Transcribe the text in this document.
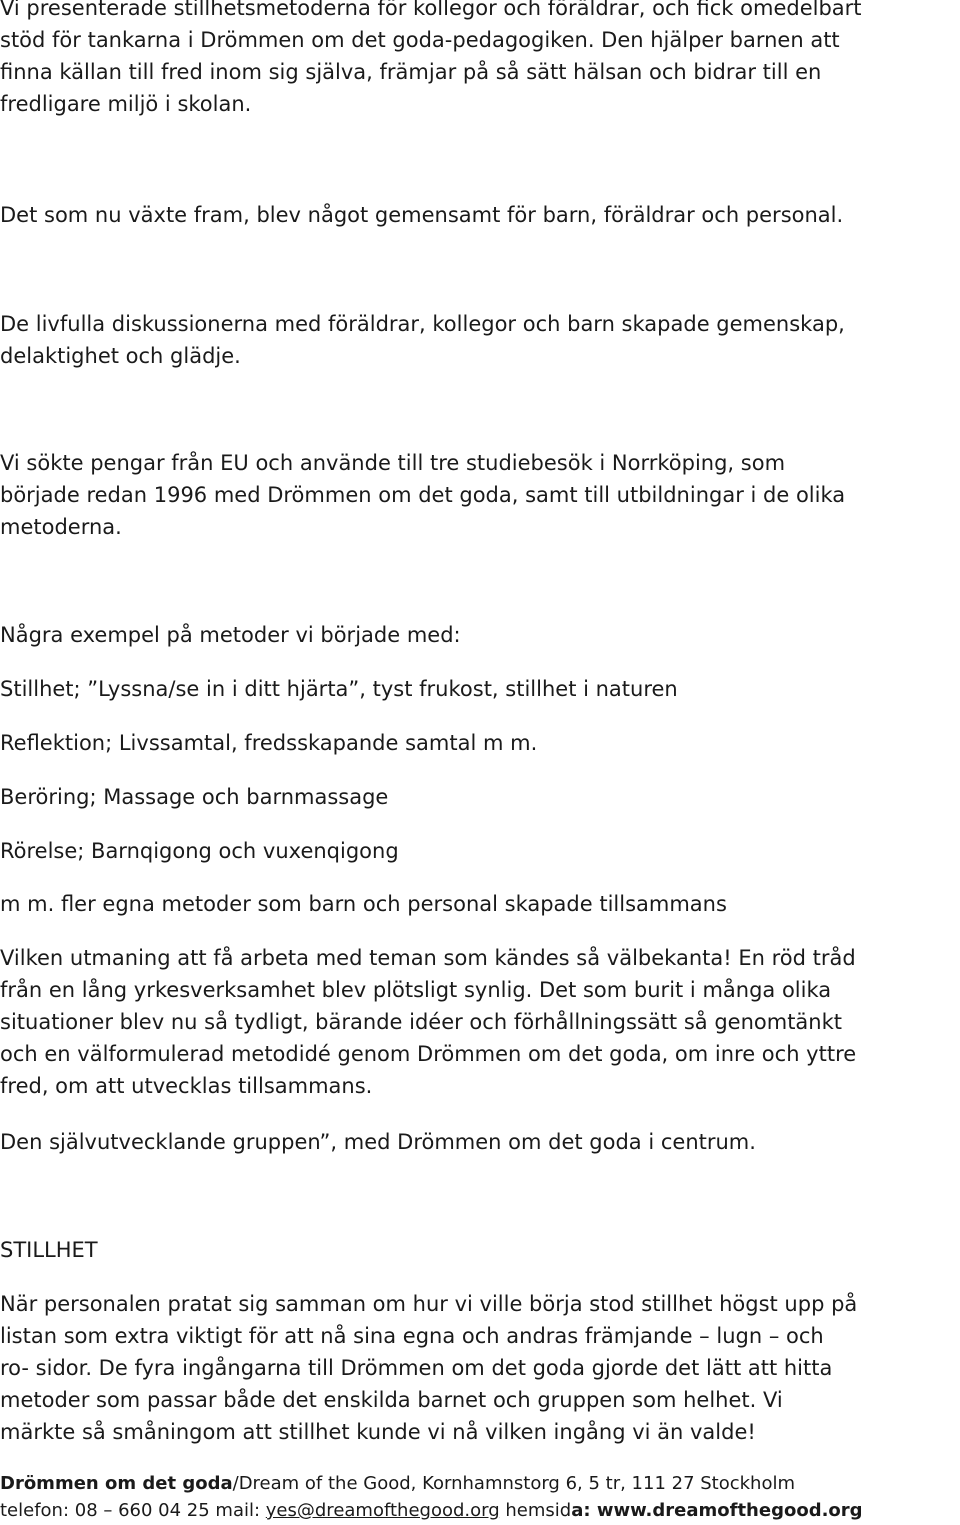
Vi presenterade stillhetsmetoderna för kollegor och föräldrar, och fick omedelbart
stöd för tankarna i Drömmen om det goda-pedagogiken. Den hjälper barnen att
finna källan till fred inom sig själva, främjar på så sätt hälsan och bidrar till en
fredligare miljö i skolan.
Det som nu växte fram, blev något gemensamt för barn, föräldrar och personal.
De livfulla diskussionerna med föräldrar, kollegor och barn skapade gemenskap,
delaktighet och glädje.
Vi sökte pengar från EU och använde till tre studiebesök i Norrköping, som
började redan 1996 med Drömmen om det goda, samt till utbildningar i de olika
metoderna.
Några exempel på metoder vi började med:
Stillhet; ”Lyssna/se in i ditt hjärta”, tyst frukost, stillhet i naturen
Reflektion; Livssamtal, fredsskapande samtal m m.
Beröring; Massage och barnmassage
Rörelse; Barnqigong och vuxenqigong
m m. fler egna metoder som barn och personal skapade tillsammans
Vilken utmaning att få arbeta med teman som kändes så välbekanta! En röd tråd
från en lång yrkesverksamhet blev plötsligt synlig. Det som burit i många olika
situationer blev nu så tydligt, bärande idéer och förhållningssätt så genomtänkt
och en välformulerad metodidé genom Drömmen om det goda, om inre och yttre
fred, om att utvecklas tillsammans.
Den självutvecklande gruppen”, med Drömmen om det goda i centrum.
STILLHET
När personalen pratat sig samman om hur vi ville börja stod stillhet högst upp på
listan som extra viktigt för att nå sina egna och andras främjande – lugn – och
ro- sidor. De fyra ingångarna till Drömmen om det goda gjorde det lätt att hitta
metoder som passar både det enskilda barnet och gruppen som helhet. Vi
märkte så småningom att stillhet kunde vi nå vilken ingång vi än valde!
Drömmen om det goda/Dream of the Good, Kornhamnstorg 6, 5 tr, 111 27 Stockholm
telefon: 08 – 660 04 25 mail: yes@dreamofthegood.org hemsida: www.dreamofthegood.org
